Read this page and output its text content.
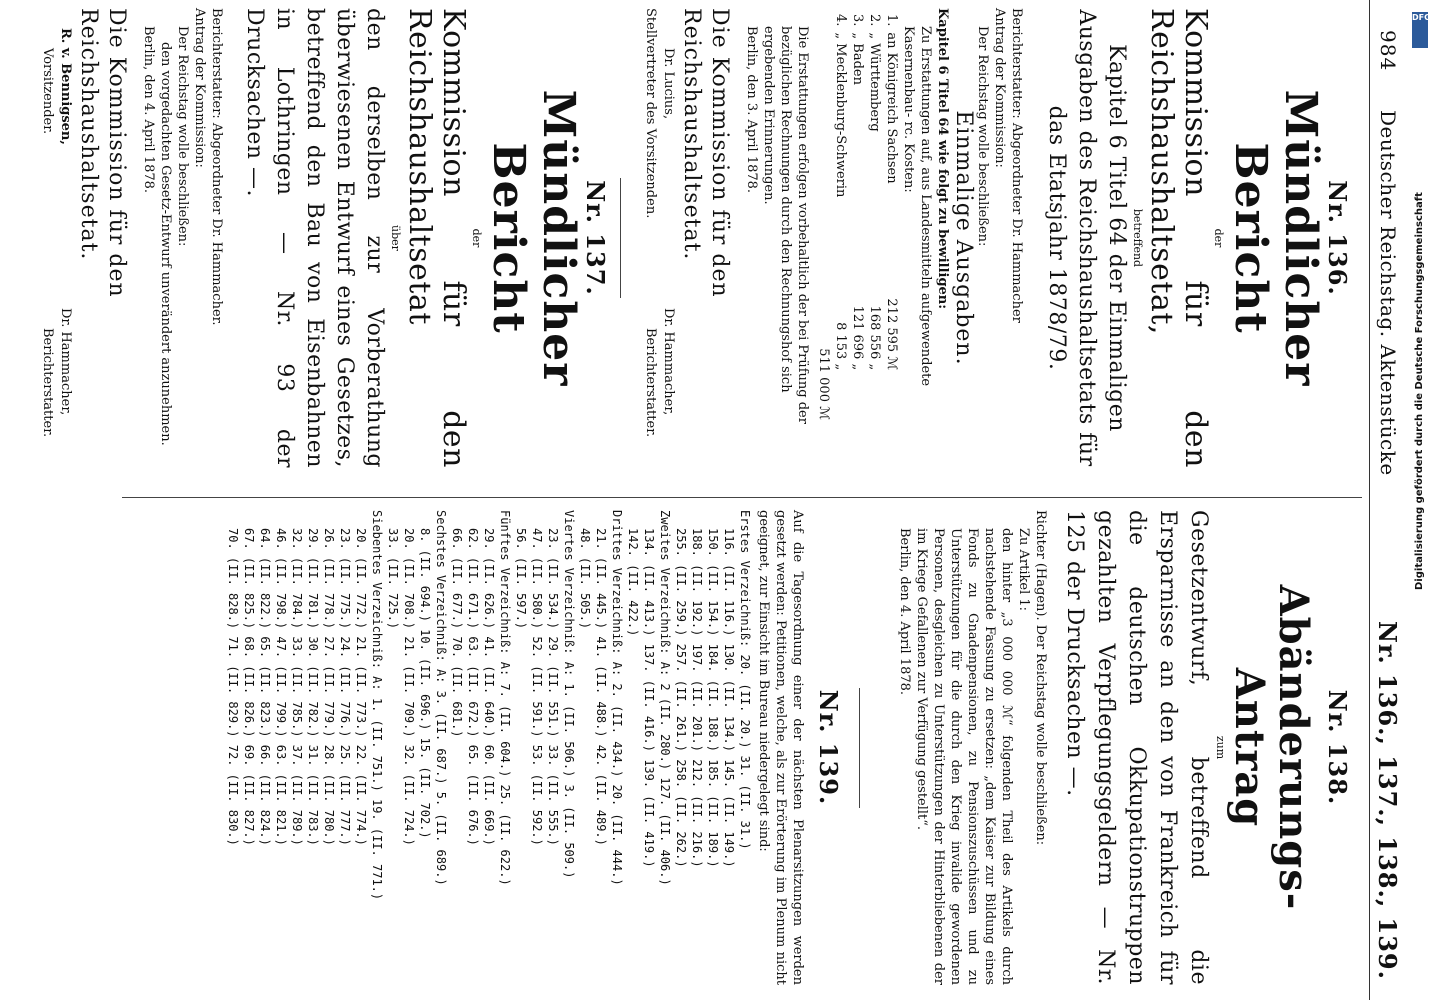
984
Deutscher Reichstag. Aktenstücke
Nr. 136., 137., 138., 139.
Nr. 136.
Mündlicher Bericht
der
Kommission für den Reichshaushaltsetat,
betreffend
Kapitel 6 Titel 64 der Einmaligen Ausgaben des Reichshaushaltsetats für das Etatsjahr 1878/79.

Berichterstatter: Abgeordneter Dr. Hammacher

Antrag der Kommission:

Der Reichstag wolle beschließen:

Einmalige Ausgaben.

Kapitel 6 Titel 64 wie folgt zu bewilligen:

Zu Erstattungen auf, aus Landesmitteln aufgewendete Kasernenbau- rc. Kosten:

1.	an Königreich Sachsen	212 595 ℳ
2.	„ Württemberg	168 556 „
3.	„ Baden	121 696 „
4.	„ Mecklenburg-Schwerin	8 153 „
511 000 ℳ

Die Erstattungen erfolgen vorbehaltlich der bei Prüfung der bezüglichen Rechnungen durch den Rechnungshof sich ergebenden Erinnerungen.

Berlin, den 3. April 1878.

Die Kommission für den Reichshaushaltsetat.
Dr. Lucius,
Dr. Hammacher,
Stellvertreter des Vorsitzenden.
Berichterstatter.
Nr. 137.
Mündlicher Bericht
der
Kommission für den Reichshaushaltsetat
über
den derselben zur Vorberathung überwiesenen Entwurf eines Gesetzes, betreffend den Bau von Eisenbahnen in Lothringen — Nr. 93 der Drucksachen —.

Berichterstatter: Abgeordneter Dr. Hammacher.

Antrag der Kommission:

Der Reichstag wolle beschließen:

den vorgedachten Gesetz-Entwurf unverändert anzunehmen.

Berlin, den 4. April 1878.

Die Kommission für den Reichshaushaltsetat.
R. v. Bennigsen,
Dr. Hammacher,
Vorsitzender.
Berichterstatter.
Nr. 138.
Abänderungs-Antrag
zum
Gesetzentwurf, betreffend die Ersparnisse an den von Frankreich für die deutschen Okkupationstruppen gezahlten Verpflegungsgeldern — Nr. 125 der Drucksachen —.

Richter (Hagen). Der Reichstag wolle beschließen:

Zu Artikel 1:

den hinter „3 000 000 ℳ“ folgenden Theil des Artikels durch nachstehende Fassung zu ersetzen: „dem Kaiser zur Bildung eines Fonds zu Gnadenpensionen, zu Pensionszuschüssen und zu Unterstützungen für die durch den Krieg invalide gewordenen Personen, desgleichen zu Unterstützungen der Hinterbliebenen der im Kriege Gefallenen zur Verfügung gestellt“.

Berlin, den 4. April 1878.

Nr. 139.

Auf die Tagesordnung einer der nächsten Plenarsitzungen werden gesetzt werden: Petitionen, welche, als zur Erörterung im Plenum nicht geeignet, zur Einsicht im Bureau niedergelegt sind:

Erstes Verzeichniß: 20. (II. 20.) 31. (II. 31.)
116. (II. 116.) 130. (II. 134.) 145. (II. 149.)
150. (II. 154.) 184. (II. 188.) 185. (II. 189.)
188. (II. 192.) 197. (II. 201.) 212. (II. 216.)
255. (II. 259.) 257. (II. 261.) 258. (II. 262.)
Zweites Verzeichniß: A: 2 (II. 280.) 127. (II. 406.)
134. (II. 413.) 137. (II. 416.) 139. (II. 419.)
142. (II. 422.)
Drittes Verzeichniß: A: 2. (II. 434.) 20. (II. 444.)
21. (II. 445.) 41. (II. 488.) 42. (II. 489.)
48. (II. 505.)
Viertes Verzeichniß: A: 1. (II. 506.) 3. (II. 509.)
23. (II. 534.) 29. (II. 551.) 33. (II. 555.)
47. (II. 580.) 52. (II. 591.) 53. (II. 592.)
56. (II. 597.)
Fünftes Verzeichniß: A: 7. (II. 604.) 25. (II. 622.)
29. (II. 626.) 41. (II. 640.) 60. (II. 669.)
62. (II. 671.) 63. (II. 672.) 65. (II. 676.)
66. (II. 677.) 70. (II. 681.)
Sechstes Verzeichniß: A: 3. (II. 687.) 5. (II. 689.)
8. (II. 694.) 10. (II. 696.) 15. (II. 702.)
20. (II. 708.) 21. (II. 709.) 32. (II. 724.)
33. (II. 725.)
Siebentes Verzeichniß: A: 1. (II. 751.) 19. (II. 771.)
20. (II. 772.) 21. (II. 773.) 22. (II. 774.)
23. (II. 775.) 24. (II. 776.) 25. (II. 777.)
26. (II. 778.) 27. (II. 779.) 28. (II. 780.)
29. (II. 781.) 30. (II. 782.) 31. (II. 783.)
32. (II. 784.) 33. (II. 785.) 37. (II. 789.)
46. (II. 798.) 47. (II. 799.) 63. (II. 821.)
64. (II. 822.) 65. (II. 823.) 66. (II. 824.)
67. (II. 825.) 68. (II. 826.) 69. (II. 827.)
70. (II. 828.) 71. (II. 829.) 72. (II. 830.)
DFG
Digitalisierung gefördert durch die Deutsche Forschungsgemeinschaft
